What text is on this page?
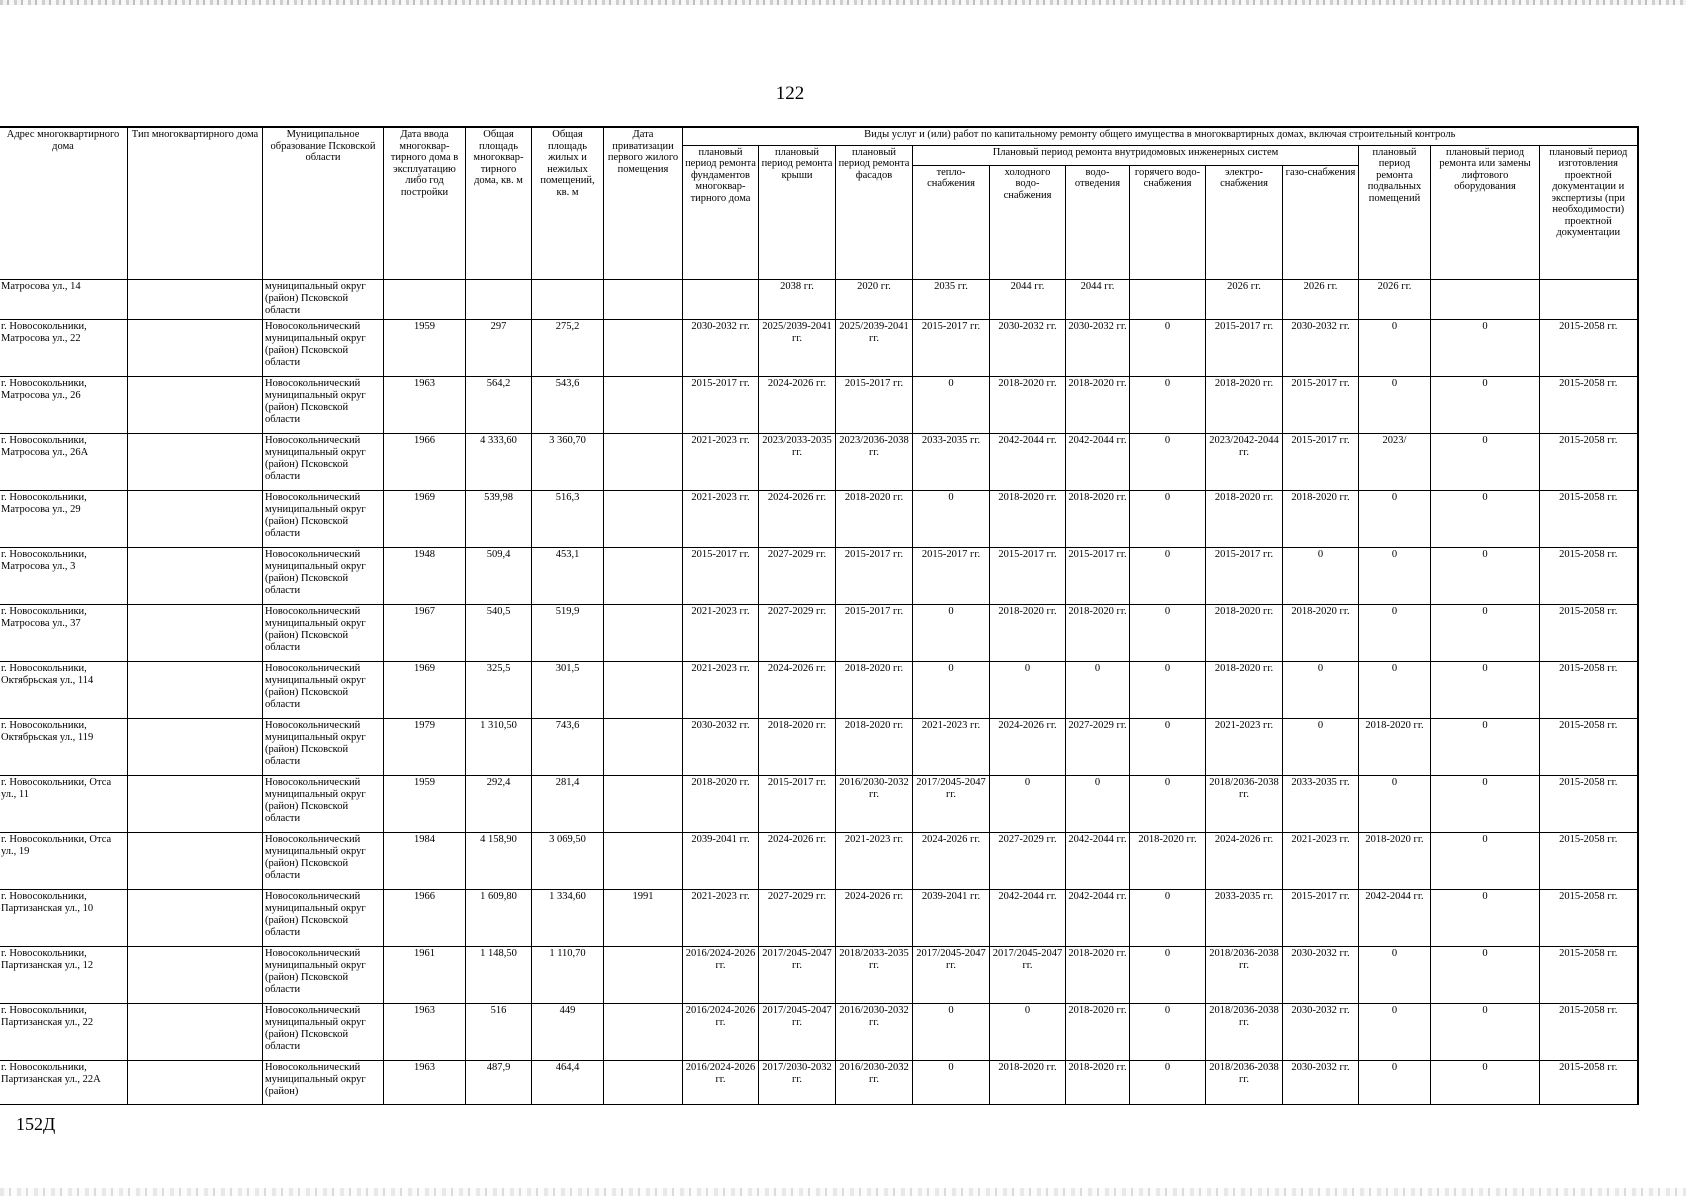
122
Адрес многоквартирного дома	Тип многоквартирного дома	Муниципальное образование Псковской области	Дата ввода многоквар-тирного дома в эксплуатацию либо год постройки	Общая площадь многоквар-тирного дома, кв. м	Общая площадь жилых и нежилых помещений, кв. м	Дата приватизации первого жилого помещения	Виды услуг и (или) работ по капитальному ремонту общего имущества в многоквартирных домах, включая строительный контроль											
							плановый период ремонта фундаментов многоквар-тирного дома	плановый период ремонта крыши	плановый период ремонта фасадов	Плановый период ремонта внутридомовых инженерных систем						плановый период ремонта подвальных помещений	плановый период ремонта или замены лифтового оборудования	плановый период изготовления проектной документации и экспертизы (при необходимости) проектной документации
										тепло-снабжения	холодного водо-снабжения	водо-отведения	горячего водо-снабжения	электро-снабжения	газо-снабжения			
Матросова ул., 14		муниципальный округ (район) Псковской области						2038 гг.	2020 гг.	2035 гг.	2044 гг.	2044 гг.		2026 гг.	2026 гг.	2026 гг.		
г. Новосокольники, Матросова ул., 22		Новосокольнический муниципальный округ (район) Псковской области	1959	297	275,2		2030-2032 гг.	2025/2039-2041 гг.	2025/2039-2041 гг.	2015-2017 гг.	2030-2032 гг.	2030-2032 гг.	0	2015-2017 гг.	2030-2032 гг.	0	0	2015-2058 гг.
г. Новосокольники, Матросова ул., 26		Новосокольнический муниципальный округ (район) Псковской области	1963	564,2	543,6		2015-2017 гг.	2024-2026 гг.	2015-2017 гг.	0	2018-2020 гг.	2018-2020 гг.	0	2018-2020 гг.	2015-2017 гг.	0	0	2015-2058 гг.
г. Новосокольники, Матросова ул., 26А		Новосокольнический муниципальный округ (район) Псковской области	1966	4 333,60	3 360,70		2021-2023 гг.	2023/2033-2035 гг.	2023/2036-2038 гг.	2033-2035 гг.	2042-2044 гг.	2042-2044 гг.	0	2023/2042-2044 гг.	2015-2017 гг.	2023/	0	2015-2058 гг.
г. Новосокольники, Матросова ул., 29		Новосокольнический муниципальный округ (район) Псковской области	1969	539,98	516,3		2021-2023 гг.	2024-2026 гг.	2018-2020 гг.	0	2018-2020 гг.	2018-2020 гг.	0	2018-2020 гг.	2018-2020 гг.	0	0	2015-2058 гг.
г. Новосокольники, Матросова ул., 3		Новосокольнический муниципальный округ (район) Псковской области	1948	509,4	453,1		2015-2017 гг.	2027-2029 гг.	2015-2017 гг.	2015-2017 гг.	2015-2017 гг.	2015-2017 гг.	0	2015-2017 гг.	0	0	0	2015-2058 гг.
г. Новосокольники, Матросова ул., 37		Новосокольнический муниципальный округ (район) Псковской области	1967	540,5	519,9		2021-2023 гг.	2027-2029 гг.	2015-2017 гг.	0	2018-2020 гг.	2018-2020 гг.	0	2018-2020 гг.	2018-2020 гг.	0	0	2015-2058 гг.
г. Новосокольники, Октябрьская ул., 114		Новосокольнический муниципальный округ (район) Псковской области	1969	325,5	301,5		2021-2023 гг.	2024-2026 гг.	2018-2020 гг.	0	0	0	0	2018-2020 гг.	0	0	0	2015-2058 гг.
г. Новосокольники, Октябрьская ул., 119		Новосокольнический муниципальный округ (район) Псковской области	1979	1 310,50	743,6		2030-2032 гг.	2018-2020 гг.	2018-2020 гг.	2021-2023 гг.	2024-2026 гг.	2027-2029 гг.	0	2021-2023 гг.	0	2018-2020 гг.	0	2015-2058 гг.
г. Новосокольники, Отса ул., 11		Новосокольнический муниципальный округ (район) Псковской области	1959	292,4	281,4		2018-2020 гг.	2015-2017 гг.	2016/2030-2032 гг.	2017/2045-2047 гг.	0	0	0	2018/2036-2038 гг.	2033-2035 гг.	0	0	2015-2058 гг.
г. Новосокольники, Отса ул., 19		Новосокольнический муниципальный округ (район) Псковской области	1984	4 158,90	3 069,50		2039-2041 гг.	2024-2026 гг.	2021-2023 гг.	2024-2026 гг.	2027-2029 гг.	2042-2044 гг.	2018-2020 гг.	2024-2026 гг.	2021-2023 гг.	2018-2020 гг.	0	2015-2058 гг.
г. Новосокольники, Партизанская ул., 10		Новосокольнический муниципальный округ (район) Псковской области	1966	1 609,80	1 334,60	1991	2021-2023 гг.	2027-2029 гг.	2024-2026 гг.	2039-2041 гг.	2042-2044 гг.	2042-2044 гг.	0	2033-2035 гг.	2015-2017 гг.	2042-2044 гг.	0	2015-2058 гг.
г. Новосокольники, Партизанская ул., 12		Новосокольнический муниципальный округ (район) Псковской области	1961	1 148,50	1 110,70		2016/2024-2026 гг.	2017/2045-2047 гг.	2018/2033-2035 гг.	2017/2045-2047 гг.	2017/2045-2047 гг.	2018-2020 гг.	0	2018/2036-2038 гг.	2030-2032 гг.	0	0	2015-2058 гг.
г. Новосокольники, Партизанская ул., 22		Новосокольнический муниципальный округ (район) Псковской области	1963	516	449		2016/2024-2026 гг.	2017/2045-2047 гг.	2016/2030-2032 гг.	0	0	2018-2020 гг.	0	2018/2036-2038 гг.	2030-2032 гг.	0	0	2015-2058 гг.
г. Новосокольники, Партизанская ул., 22А		Новосокольнический муниципальный округ (район)	1963	487,9	464,4		2016/2024-2026 гг.	2017/2030-2032 гг.	2016/2030-2032 гг.	0	2018-2020 гг.	2018-2020 гг.	0	2018/2036-2038 гг.	2030-2032 гг.	0	0	2015-2058 гг.
152Д
